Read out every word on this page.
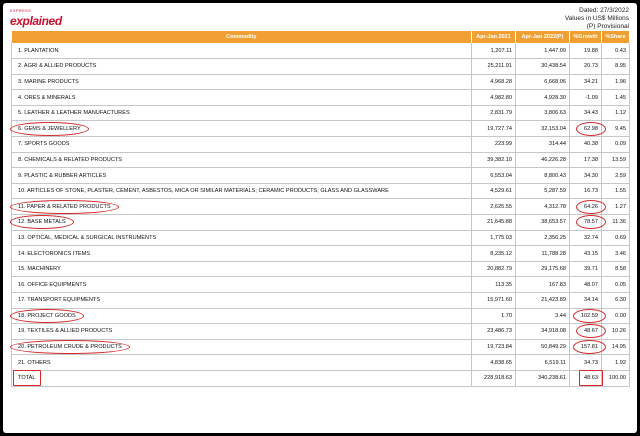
EXPRESS
explained
Dated: 27/3/2022
Values in US$ Millions
(P) Provisional
Commodity	Apr-Jan 2021	Apr-Jan 2022(P)	%Growth	%Share
1. PLANTATION	1,207.11	1,447.09	19.88	0.43
2. AGRI & ALLIED PRODUCTS	25,211.91	30,438.54	20.73	8.95
3. MARINE PRODUCTS	4,968.28	6,668.06	34.21	1.96
4. ORES & MINERALS	4,982.80	4,928.30	-1.09	1.45
5. LEATHER & LEATHER MANUFACTURES	2,831.79	3,806.63	34.43	1.12
6. GEMS & JEWELLERY	19,727.74	32,153.04	62.98	9.45
7. SPORTS GOODS	223.99	314.44	40.38	0.09
8. CHEMICALS & RELATED PRODUCTS	39,382.10	46,226.28	17.38	13.59
9. PLASTIC & RUBBER ARTICLES	6,553.04	8,800.43	34.30	2.59
10. ARTICLES OF STONE, PLASTER, CEMENT, ASBESTOS, MICA OR SIMILAR MATERIALS; CERAMIC PRODUCTS; GLASS AND GLASSWARE	4,529.61	5,287.59	16.73	1.55
11. PAPER & RELATED PRODUCTS	2,625.55	4,312.78	64.26	1.27
12. BASE METALS	21,645.88	38,653.57	78.57	11.36
13. OPTICAL, MEDICAL & SURGICAL INSTRUMENTS	1,775.03	2,356.25	32.74	0.69
14. ELECTORONICS ITEMS	8,235.12	11,788.28	43.15	3.46
15. MACHINERY	20,882.79	29,175.68	39.71	8.58
16. OFFICE EQUIPMENTS	113.35	167.83	48.07	0.05
17. TRANSPORT EQUIPMENTS	15,971.60	21,423.89	34.14	6.30
18. PROJECT GOODS	1.70	3.44	102.59	0.00
19. TEXTILES & ALLIED PRODUCTS	23,486.73	34,918.08	48.67	10.26
20. PETROLEUM CRUDE & PRODUCTS	19,723.84	50,849.29	157.81	14.95
21. OTHERS	4,838.65	6,519.11	34.73	1.92
TOTAL	228,918.63	340,238.61	48.63	100.00
